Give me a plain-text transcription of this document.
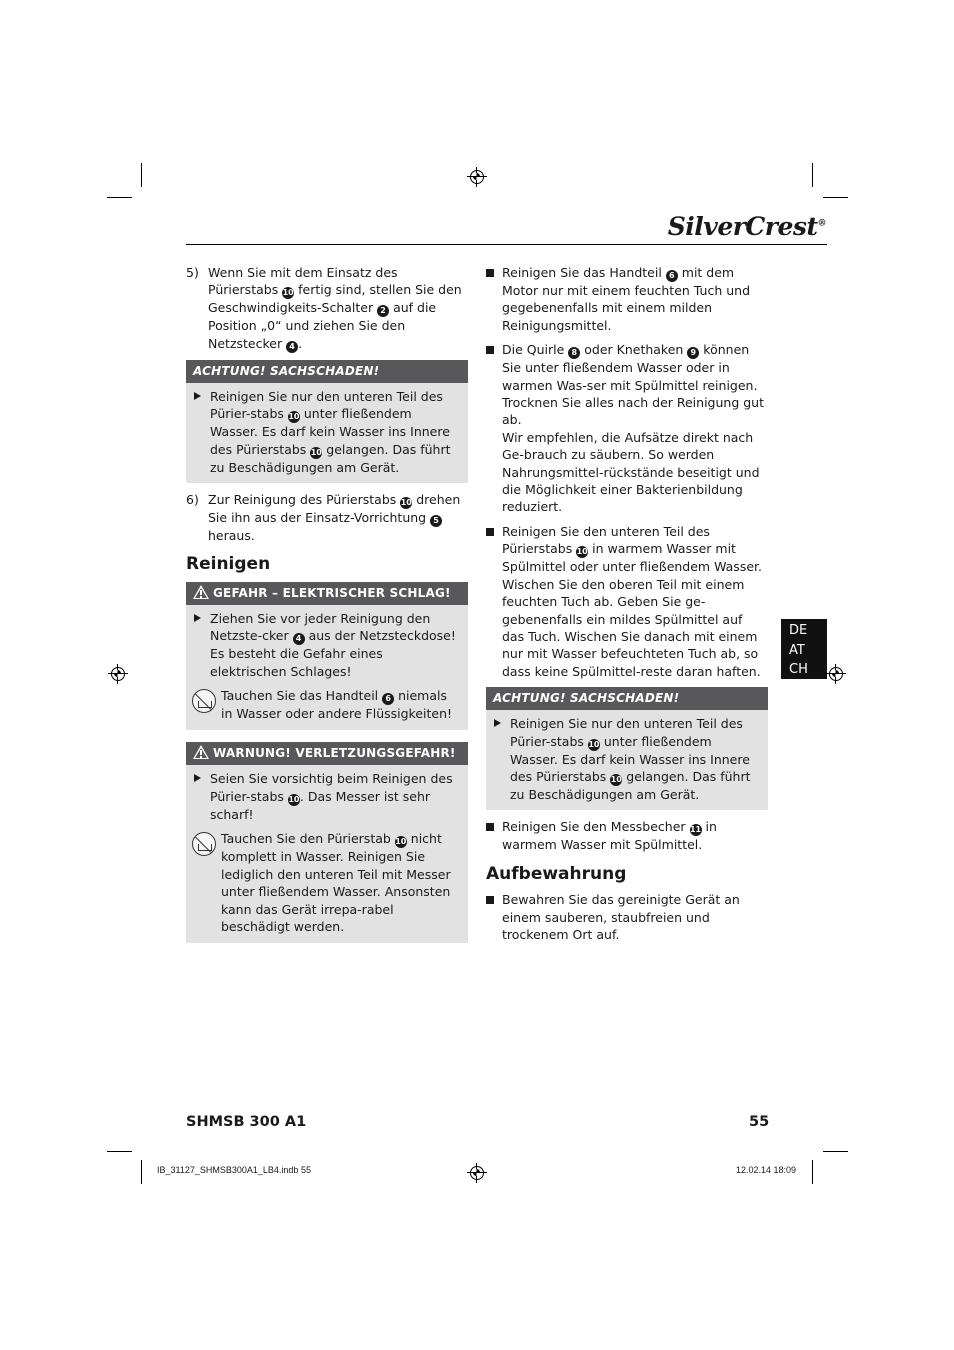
SilverCrest®
5) Wenn Sie mit dem Einsatz des Pürierstabs 10 fertig sind, stellen Sie den Geschwindigkeits-Schalter 2 auf die Position „0“ und ziehen Sie den Netzstecker 4 .
ACHTUNG! SACHSCHADEN!
Reinigen Sie nur den unteren Teil des Pürier-stabs 10 unter fließendem Wasser. Es darf kein Wasser ins Innere des Pürierstabs 10 gelangen. Das führt zu Beschädigungen am Gerät.
6) Zur Reinigung des Pürierstabs 10 drehen Sie ihn aus der Einsatz-Vorrichtung 5 heraus.
Reinigen
GEFAHR – ELEKTRISCHER SCHLAG!
Ziehen Sie vor jeder Reinigung den Netzste-cker 4 aus der Netzsteckdose! Es besteht die Gefahr eines elektrischen Schlages!
Tauchen Sie das Handteil 6 niemals in Wasser oder andere Flüssigkeiten!
WARNUNG! VERLETZUNGSGEFAHR!
Seien Sie vorsichtig beim Reinigen des Pürier-stabs 10. Das Messer ist sehr scharf!
Tauchen Sie den Pürierstab 10 nicht komplett in Wasser. Reinigen Sie lediglich den unteren Teil mit Messer unter fließendem Wasser. Ansonsten kann das Gerät irrepa-rabel beschädigt werden.
Reinigen Sie das Handteil 6 mit dem Motor nur mit einem feuchten Tuch und gegebenenfalls mit einem milden Reinigungsmittel.
Die Quirle 8 oder Knethaken 9 können Sie unter fließendem Wasser oder in warmen Was-ser mit Spülmittel reinigen. Trocknen Sie alles nach der Reinigung gut ab.
Wir empfehlen, die Aufsätze direkt nach Ge-brauch zu säubern. So werden Nahrungsmittel-rückstände beseitigt und die Möglichkeit einer Bakterienbildung reduziert.
Reinigen Sie den unteren Teil des Pürierstabs 10 in warmem Wasser mit Spülmittel oder unter fließendem Wasser. Wischen Sie den oberen Teil mit einem feuchten Tuch ab. Geben Sie ge-gebenenfalls ein mildes Spülmittel auf das Tuch. Wischen Sie danach mit einem nur mit Wasser befeuchteten Tuch ab, so dass keine Spülmittel-reste daran haften.
ACHTUNG! SACHSCHADEN!
Reinigen Sie nur den unteren Teil des Pürier-stabs 10 unter fließendem Wasser. Es darf kein Wasser ins Innere des Pürierstabs 10 gelangen. Das führt zu Beschädigungen am Gerät.
Reinigen Sie den Messbecher 11 in warmem Wasser mit Spülmittel.
Aufbewahrung
Bewahren Sie das gereinigte Gerät an einem sauberen, staubfreien und trockenem Ort auf.
DE
AT
CH
SHMSB 300 A1	55
IB_31127_SHMSB300A1_LB4.indb 55	12.02.14 18:09
